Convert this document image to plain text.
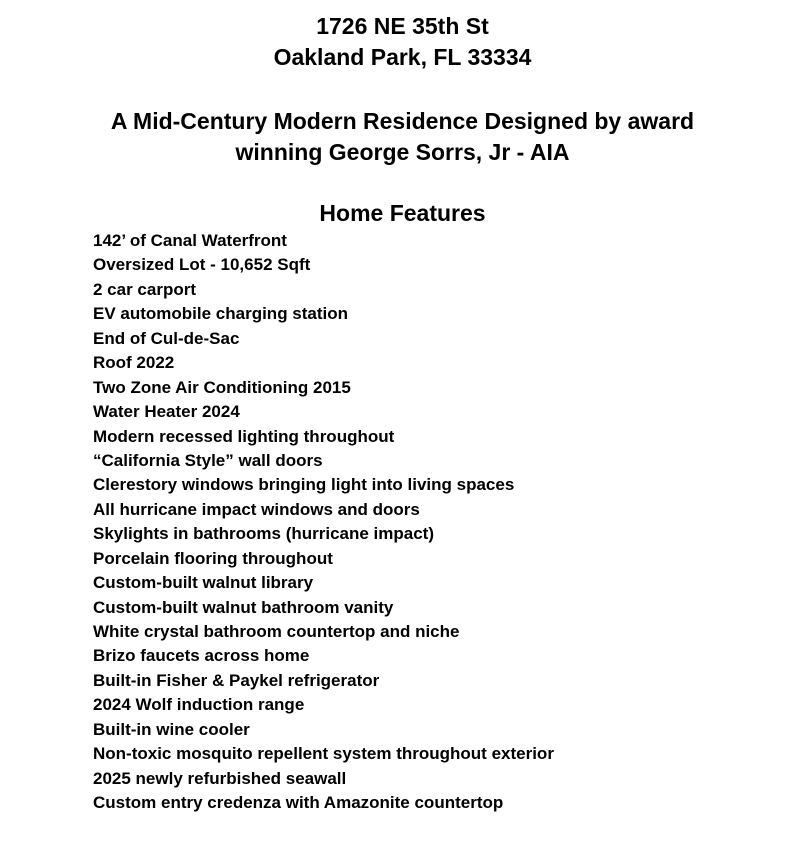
1726 NE 35th St
Oakland Park, FL 33334
A Mid-Century Modern Residence Designed by award
winning George Sorrs, Jr - AIA
Home Features
142’ of Canal Waterfront
Oversized Lot - 10,652 Sqft
2 car carport
EV automobile charging station
End of Cul-de-Sac
Roof 2022
Two Zone Air Conditioning 2015
Water Heater 2024
Modern recessed lighting throughout
“California Style” wall doors
Clerestory windows bringing light into living spaces
All hurricane impact windows and doors
Skylights in bathrooms (hurricane impact)
Porcelain flooring throughout
Custom-built walnut library
Custom-built walnut bathroom vanity
White crystal bathroom countertop and niche
Brizo faucets across home
Built-in Fisher & Paykel refrigerator
2024 Wolf induction range
Built-in wine cooler
Non-toxic mosquito repellent system throughout exterior
2025 newly refurbished seawall
Custom entry credenza with Amazonite countertop
